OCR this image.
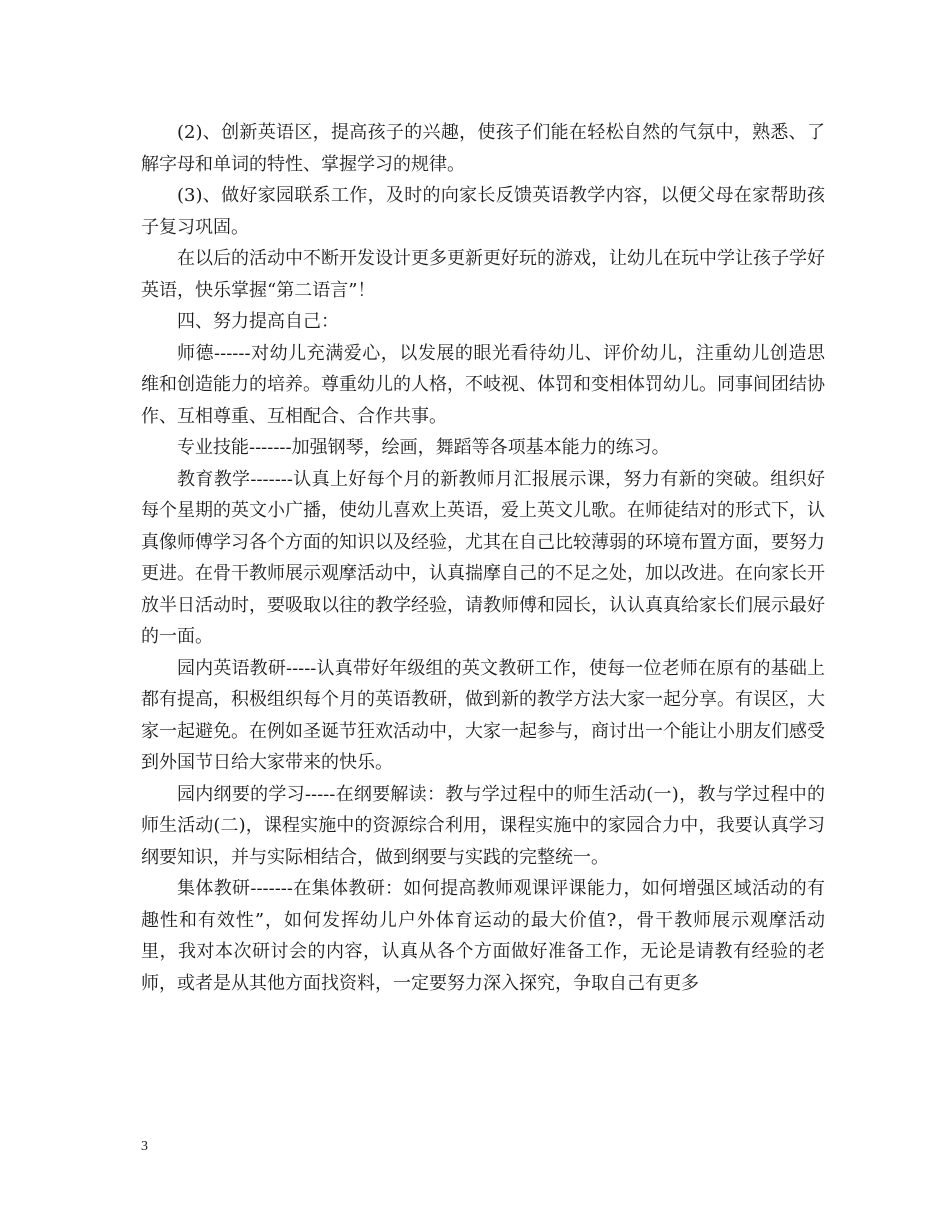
(2)、创新英语区，提高孩子的兴趣，使孩子们能在轻松自然的气氛中，熟悉、了解字母和单词的特性、掌握学习的规律。

(3)、做好家园联系工作，及时的向家长反馈英语教学内容，以便父母在家帮助孩子复习巩固。

在以后的活动中不断开发设计更多更新更好玩的游戏，让幼儿在玩中学让孩子学好英语，快乐掌握“第二语言”！

四、努力提高自己：

师德------对幼儿充满爱心，以发展的眼光看待幼儿、评价幼儿，注重幼儿创造思维和创造能力的培养。尊重幼儿的人格，不岐视、体罚和变相体罚幼儿。同事间团结协作、互相尊重、互相配合、合作共事。

专业技能-------加强钢琴，绘画，舞蹈等各项基本能力的练习。

教育教学-------认真上好每个月的新教师月汇报展示课，努力有新的突破。组织好每个星期的英文小广播，使幼儿喜欢上英语，爱上英文儿歌。在师徒结对的形式下，认真像师傅学习各个方面的知识以及经验，尤其在自己比较薄弱的环境布置方面，要努力更进。在骨干教师展示观摩活动中，认真揣摩自己的不足之处，加以改进。在向家长开放半日活动时，要吸取以往的教学经验，请教师傅和园长，认认真真给家长们展示最好的一面。

园内英语教研-----认真带好年级组的英文教研工作，使每一位老师在原有的基础上都有提高，积极组织每个月的英语教研，做到新的教学方法大家一起分享。有误区，大家一起避免。在例如圣诞节狂欢活动中，大家一起参与，商讨出一个能让小朋友们感受到外国节日给大家带来的快乐。

园内纲要的学习-----在纲要解读：教与学过程中的师生活动(一)，教与学过程中的师生活动(二)，课程实施中的资源综合利用，课程实施中的家园合力中，我要认真学习纲要知识，并与实际相结合，做到纲要与实践的完整统一。

集体教研-------在集体教研：如何提高教师观课评课能力，如何增强区域活动的有趣性和有效性”，如何发挥幼儿户外体育运动的最大价值?，骨干教师展示观摩活动里，我对本次研讨会的内容，认真从各个方面做好准备工作，无论是请教有经验的老师，或者是从其他方面找资料，一定要努力深入探究，争取自己有更多

3
